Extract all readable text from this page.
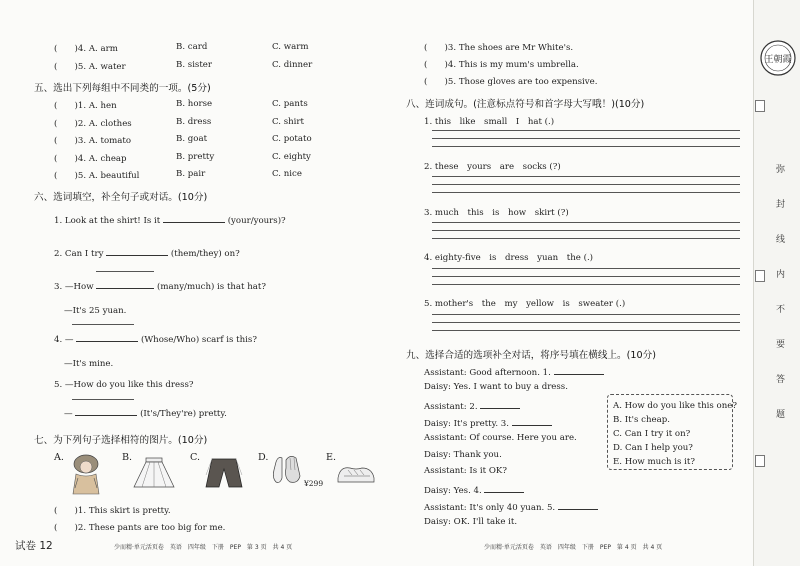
(　　)4. A. arm	B. card	C. warm
(　　)5. A. water	B. sister	C. dinner
五、选出下列每组中不同类的一项。(5分)
(　　)1. A. hen	B. horse	C. pants
(　　)2. A. clothes	B. dress	C. shirt
(　　)3. A. tomato	B. goat	C. potato
(　　)4. A. cheap	B. pretty	C. eighty
(　　)5. A. beautiful	B. pair	C. nice
六、选词填空，补全句子或对话。(10分)
1. Look at the shirt! Is it	(your/yours)?
2. Can I try	(them/they) on?
3. —How	(many/much) is that hat?
—It's 25 yuan.
4. —	(Whose/Who) scarf is this?
—It's mine.
5. —How do you like this dress?
—	(It's/They're) pretty.
七、为下列句子选择相符的图片。(10分)
A.	B.	C.	D.	E.
¥299
(　　)1. This skirt is pretty.
(　　)2. These pants are too big for me.
试卷 12	少而精·单元活页卷　英语　四年级　下册　PEP　第 3 页　共 4 页
(　　)3. The shoes are Mr White's.
(　　)4. This is my mum's umbrella.
(　　)5. Those gloves are too expensive.
八、连词成句。(注意标点符号和首字母大写哦！)(10分)
1. this　like　small　I　hat (.)
2. these　yours　are　socks (?)
3. much　this　is　how　skirt (?)
4. eighty-five　is　dress　yuan　the (.)
5. mother's　the　my　yellow　is　sweater (.)
九、选择合适的选项补全对话，将序号填在横线上。(10分)
Assistant: Good afternoon. 1.
Daisy: Yes. I want to buy a dress.
Assistant: 2.
Daisy: It's pretty. 3.
Assistant: Of course. Here you are.
Daisy: Thank you.
Assistant: Is it OK?
Daisy: Yes. 4.
Assistant: It's only 40 yuan. 5.
Daisy: OK. I'll take it.
A. How do you like this one?
B. It's cheap.
C. Can I try it on?
D. Can I help you?
E. How much is it?
少而精·单元活页卷　英语　四年级　下册　PEP　第 4 页　共 4 页
王朝霞
弥
封
线
内
不
要
答
题
